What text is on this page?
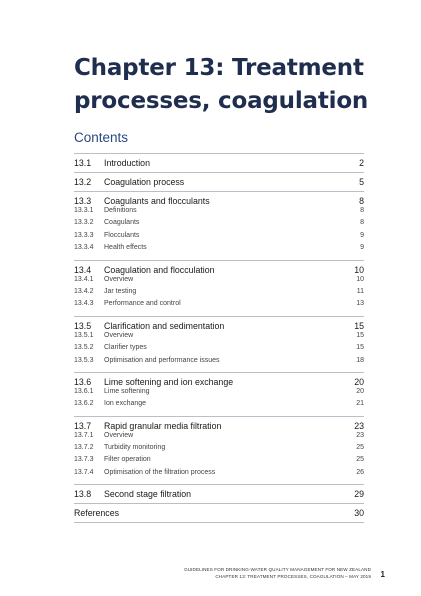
Chapter 13: Treatment
processes, coagulation
Contents
13.1 Introduction	2
13.2 Coagulation process	5
13.3 Coagulants and flocculants	8
13.3.1 Definitions	8
13.3.2 Coagulants	8
13.3.3 Flocculants	9
13.3.4 Health effects	9
13.4 Coagulation and flocculation	10
13.4.1 Overview	10
13.4.2 Jar testing	11
13.4.3 Performance and control	13
13.5 Clarification and sedimentation	15
13.5.1 Overview	15
13.5.2 Clarifier types	15
13.5.3 Optimisation and performance issues	18
13.6 Lime softening and ion exchange	20
13.6.1 Lime softening	20
13.6.2 Ion exchange	21
13.7 Rapid granular media filtration	23
13.7.1 Overview	23
13.7.2 Turbidity monitoring	25
13.7.3 Filter operation	25
13.7.4 Optimisation of the filtration process	26
13.8 Second stage filtration	29
References	30
GUIDELINES FOR DRINKING-WATER QUALITY MANAGEMENT FOR NEW ZEALAND
CHAPTER 13: TREATMENT PROCESSES, COAGULATION – MAY 2019 1
